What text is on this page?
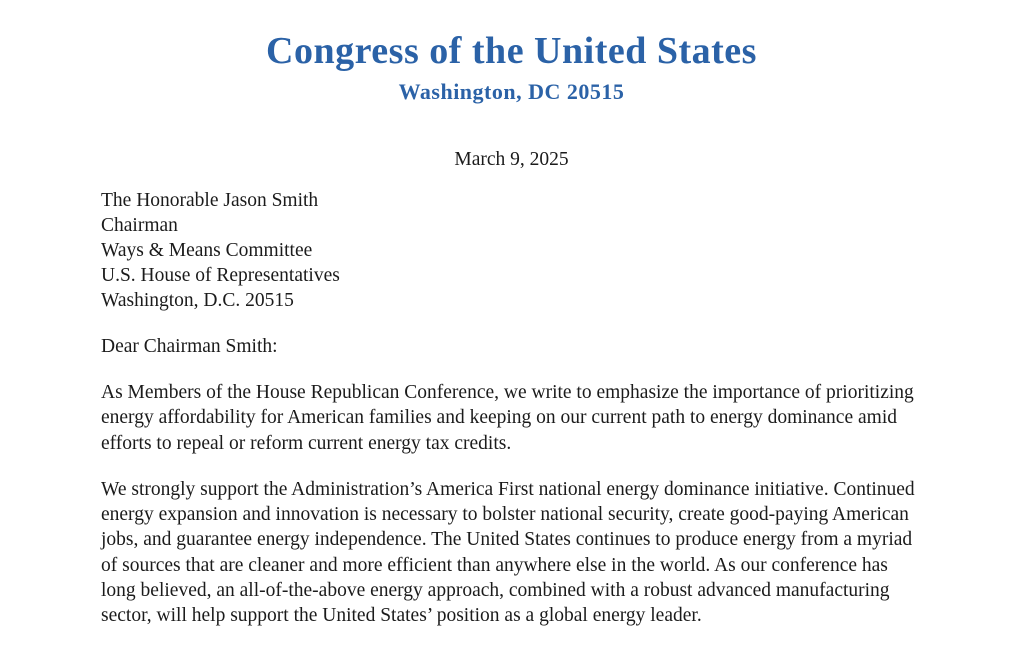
Congress of the United States
Washington, DC 20515
March 9, 2025
The Honorable Jason Smith
Chairman
Ways & Means Committee
U.S. House of Representatives
Washington, D.C. 20515
Dear Chairman Smith:

As Members of the House Republican Conference, we write to emphasize the importance of prioritizing energy affordability for American families and keeping on our current path to energy dominance amid efforts to repeal or reform current energy tax credits.

We strongly support the Administration’s America First national energy dominance initiative. Continued energy expansion and innovation is necessary to bolster national security, create good-paying American jobs, and guarantee energy independence. The United States continues to produce energy from a myriad of sources that are cleaner and more efficient than anywhere else in the world. As our conference has long believed, an all-of-the-above energy approach, combined with a robust advanced manufacturing sector, will help support the United States’ position as a global energy leader.
